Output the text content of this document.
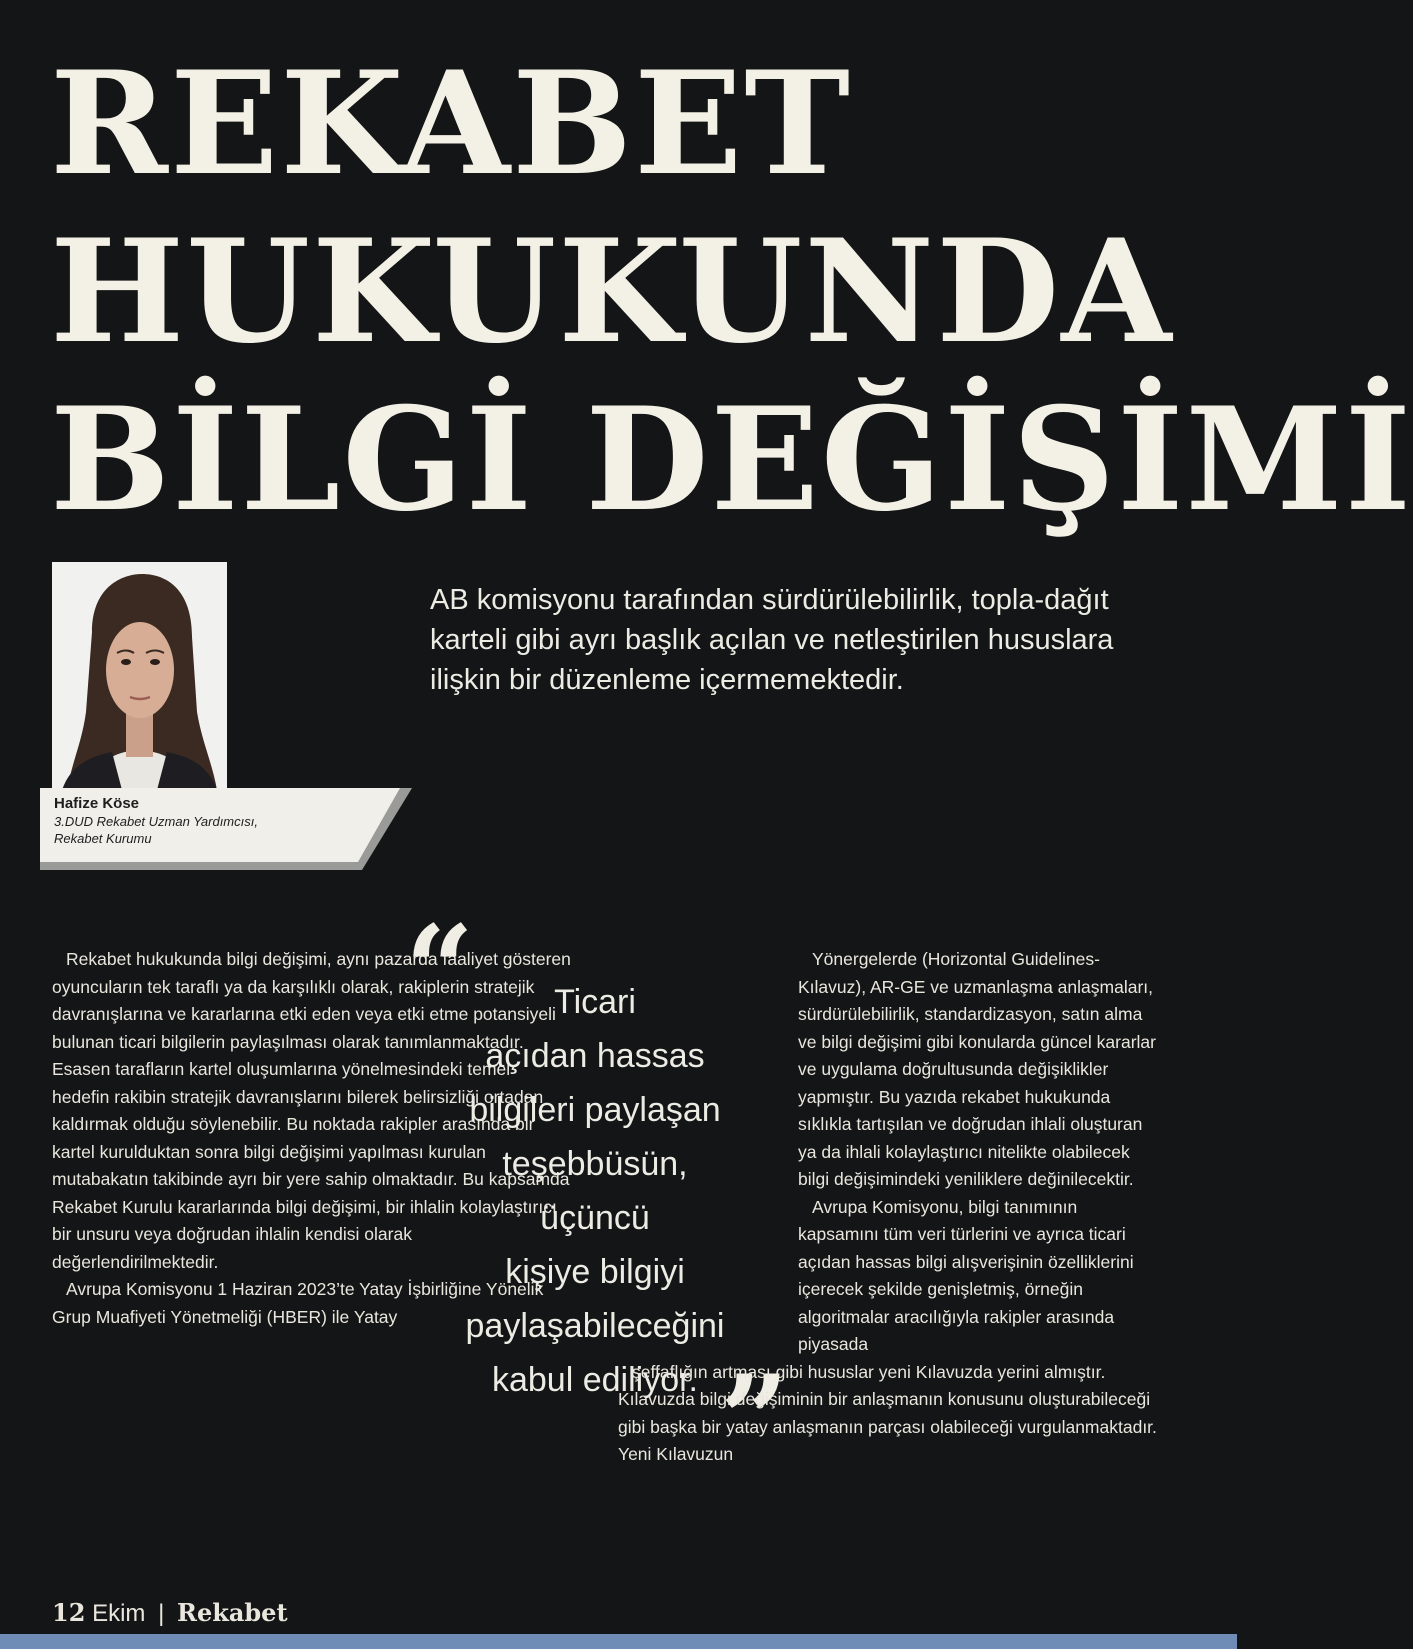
REKABET
HUKUKUNDA
BİLGİ DEĞİŞİMİ
Hafize Köse
3.DUD Rekabet Uzman Yardımcısı,
Rekabet Kurumu
AB komisyonu tarafından sürdürülebilirlik, topla-dağıt karteli gibi ayrı başlık açılan ve netleştirilen hususlara ilişkin bir düzenleme içermemektedir.

Rekabet hukukunda bilgi değişimi, aynı pazarda faaliyet gösteren oyuncuların tek taraflı ya da karşılıklı olarak, rakiplerin stratejik davranışlarına ve kararlarına etki eden veya etki etme potansiyeli bulunan ticari bilgilerin paylaşılması olarak tanımlanmaktadır. Esasen tarafların kartel oluşumlarına yönelmesindeki temel hedefin rakibin stratejik davranışlarını bilerek belirsizliği ortadan kaldırmak olduğu söylenebilir. Bu noktada rakipler arasında bir kartel kurulduktan sonra bilgi değişimi yapılması kurulan mutabakatın takibinde ayrı bir yere sahip olmaktadır. Bu kapsamda Rekabet Kurulu kararlarında bilgi değişimi, bir ihlalin kolaylaştırıcı bir unsuru veya doğrudan ihlalin kendisi olarak değerlendirilmektedir.

Avrupa Komisyonu 1 Haziran 2023’te Yatay İşbirliğine Yönelik Grup Muafiyeti Yönetmeliği (HBER) ile Yatay

“	Ticari
açıdan hassas
bilgileri paylaşan
teşebbüsün,
üçüncü
kişiye bilgiyi
paylaşabileceğini
kabul ediliyor. ”

Yönergelerde (Horizontal Guidelines-Kılavuz), AR-GE ve uzmanlaşma anlaşmaları, sürdürülebilirlik, standardizasyon, satın alma ve bilgi değişimi gibi konularda güncel kararlar ve uygulama doğrultusunda değişiklikler yapmıştır. Bu yazıda rekabet hukukunda sıklıkla tartışılan ve doğrudan ihlali oluşturan ya da ihlali kolaylaştırıcı nitelikte olabilecek bilgi değişimindeki yeniliklere değinilecektir.

Avrupa Komisyonu, bilgi tanımının kapsamını tüm veri türlerini ve ayrıca ticari açıdan hassas bilgi alışverişinin özelliklerini içerecek şekilde genişletmiş, örneğin algoritmalar aracılığıyla rakipler arasında piyasada

şeffaflığın artması gibi hususlar yeni Kılavuzda yerini almıştır. Kılavuzda bilgi değişiminin bir anlaşmanın konusunu oluşturabileceği gibi başka bir yatay anlaşmanın parçası olabileceği vurgulanmaktadır. Yeni Kılavuzun

12 Ekim | Rekabet
